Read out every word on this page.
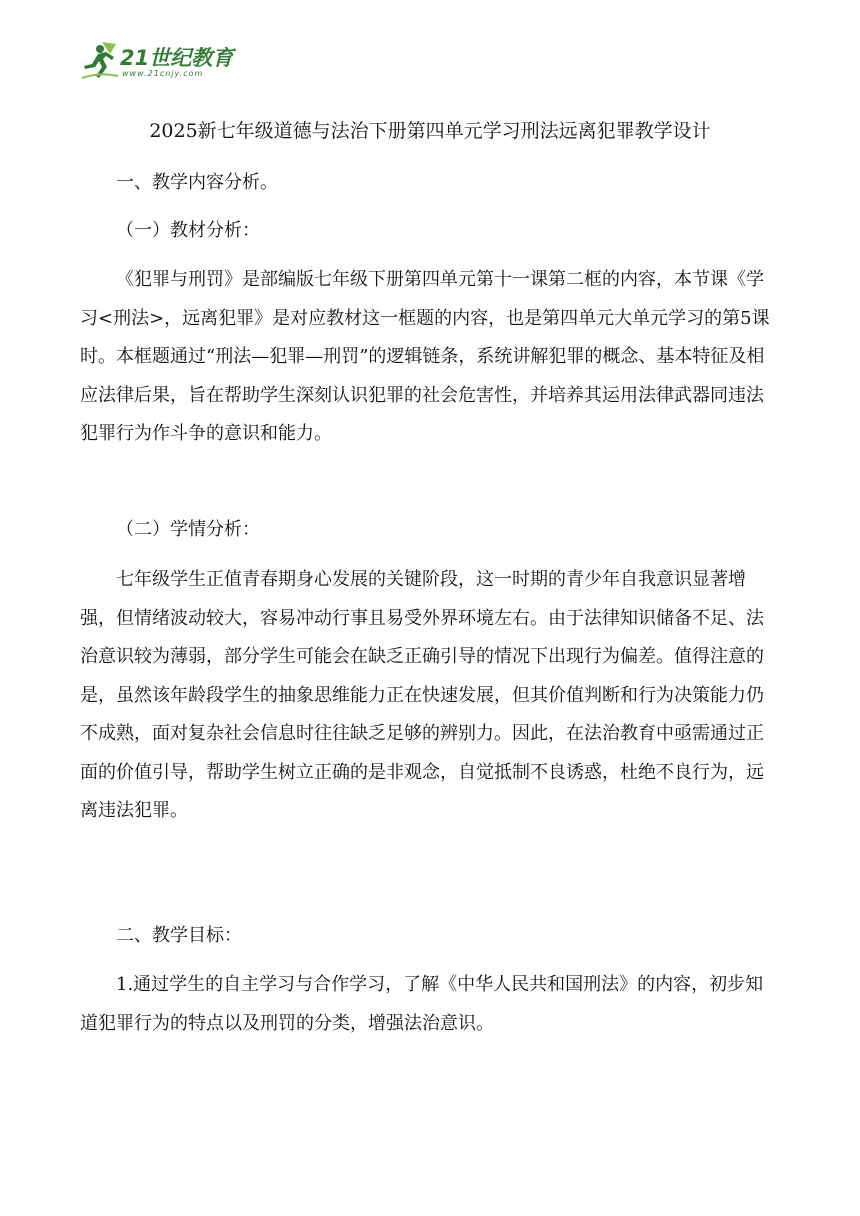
21世纪教育
www.21cnjy.com
2025新七年级道德与法治下册第四单元学习刑法远离犯罪教学设计

一、教学内容分析。

（一）教材分析：

《犯罪与刑罚》是部编版七年级下册第四单元第十一课第二框的内容，本节课《学习<刑法>，远离犯罪》是对应教材这一框题的内容，也是第四单元大单元学习的第5课时。本框题通过“刑法—犯罪—刑罚”的逻辑链条，系统讲解犯罪的概念、基本特征及相应法律后果，旨在帮助学生深刻认识犯罪的社会危害性，并培养其运用法律武器同违法犯罪行为作斗争的意识和能力。

（二）学情分析：

七年级学生正值青春期身心发展的关键阶段，这一时期的青少年自我意识显著增强，但情绪波动较大，容易冲动行事且易受外界环境左右。由于法律知识储备不足、法治意识较为薄弱，部分学生可能会在缺乏正确引导的情况下出现行为偏差。值得注意的是，虽然该年龄段学生的抽象思维能力正在快速发展，但其价值判断和行为决策能力仍不成熟，面对复杂社会信息时往往缺乏足够的辨别力。因此，在法治教育中亟需通过正面的价值引导，帮助学生树立正确的是非观念，自觉抵制不良诱惑，杜绝不良行为，远离违法犯罪。

二、教学目标：

1.通过学生的自主学习与合作学习，了解《中华人民共和国刑法》的内容，初步知道犯罪行为的特点以及刑罚的分类，增强法治意识。
